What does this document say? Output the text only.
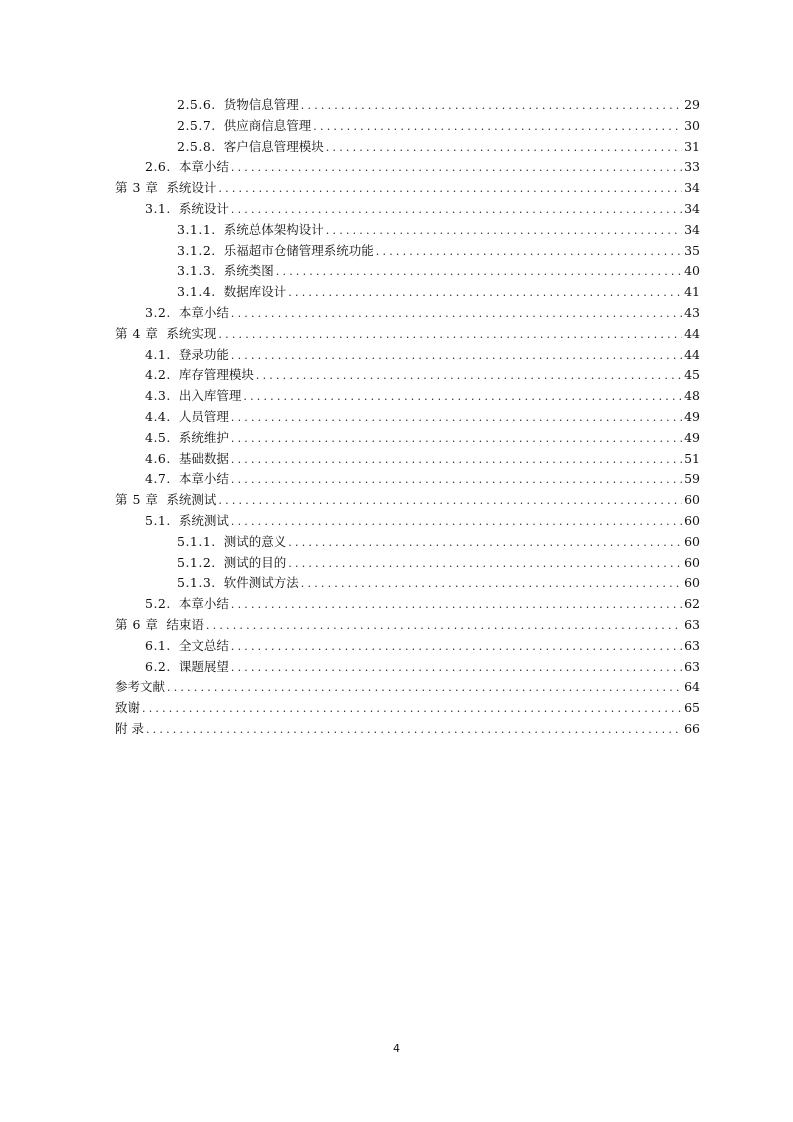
2.5.6. 货物信息管理 .....	29
2.5.7. 供应商信息管理 .....	30
2.5.8. 客户信息管理模块 .....	31
2.6. 本章小结 .....	33
第 3 章 系统设计 .....	34
3.1. 系统设计 .....	34
3.1.1. 系统总体架构设计 .....	34
3.1.2. 乐福超市仓储管理系统功能 .....	35
3.1.3. 系统类图 .....	40
3.1.4. 数据库设计 .....	41
3.2. 本章小结 .....	43
第 4 章 系统实现 .....	44
4.1. 登录功能 .....	44
4.2. 库存管理模块 .....	45
4.3. 出入库管理 .....	48
4.4. 人员管理 .....	49
4.5. 系统维护 .....	49
4.6. 基础数据 .....	51
4.7. 本章小结 .....	59
第 5 章 系统测试 .....	60
5.1. 系统测试 .....	60
5.1.1. 测试的意义 .....	60
5.1.2. 测试的目的 .....	60
5.1.3. 软件测试方法 .....	60
5.2. 本章小结 .....	62
第 6 章 结束语 .....	63
6.1. 全文总结 .....	63
6.2. 课题展望 .....	63
参考文献 .....	64
致谢 .....	65
附 录 .....	66
4
